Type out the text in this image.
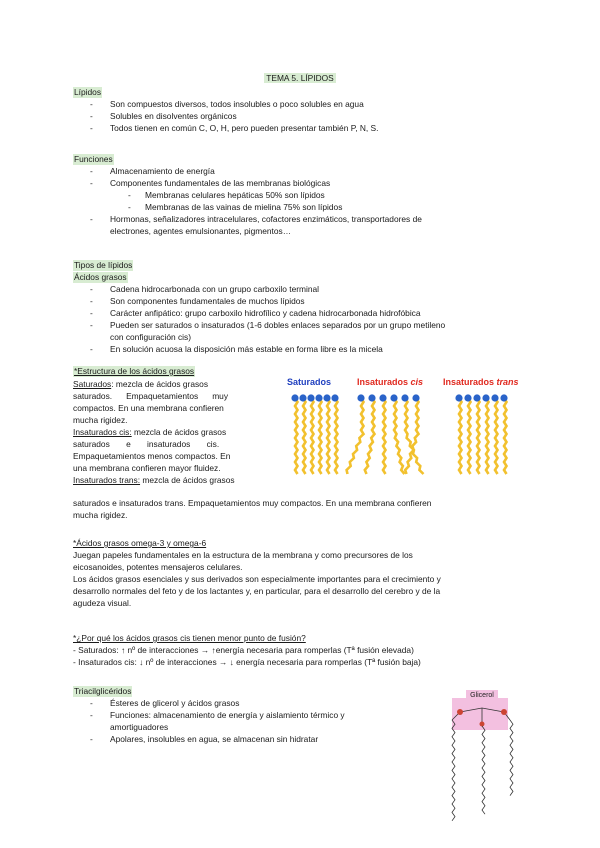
TEMA 5. LÍPIDOS
Lípidos
- Son compuestos diversos, todos insolubles o poco solubles en agua
- Solubles en disolventes orgánicos
- Todos tienen en común C, O, H, pero pueden presentar también P, N, S.
Funciones
- Almacenamiento de energía
- Componentes fundamentales de las membranas biológicas
- Membranas celulares hepáticas 50% son lípidos
- Membranas de las vainas de mielina 75% son lípidos
- Hormonas, señalizadores intracelulares, cofactores enzimáticos, transportadores de
electrones, agentes emulsionantes, pigmentos…
Tipos de lípidos
Ácidos grasos
- Cadena hidrocarbonada con un grupo carboxilo terminal
- Son componentes fundamentales de muchos lípidos
- Carácter anfipático: grupo carboxilo hidrofílico y cadena hidrocarbonada hidrofóbica
- Pueden ser saturados o insaturados (1-6 dobles enlaces separados por un grupo metileno
con configuración cis)
- En solución acuosa la disposición más estable en forma libre es la micela
*Estructura de los ácidos grasos
Saturados: mezcla de ácidos grasos
saturados.      Empaquetamientos      muy
compactos. En una membrana confieren
mucha rigidez.
Insaturados cis: mezcla de ácidos grasos
saturados       e       insaturados       cis.
Empaquetamientos menos compactos. En
una membrana confieren mayor fluidez.
Insaturados trans: mezcla de ácidos grasos
saturados e insaturados trans. Empaquetamientos muy compactos. En una membrana confieren
mucha rigidez.
Saturados	Insaturados cis Insaturados trans
*Ácidos grasos omega-3 y omega-6
Juegan papeles fundamentales en la estructura de la membrana y como precursores de los
eicosanoides, potentes mensajeros celulares.
Los ácidos grasos esenciales y sus derivados son especialmente importantes para el crecimiento y
desarrollo normales del feto y de los lactantes y, en particular, para el desarrollo del cerebro y de la
agudeza visual.
*¿Por qué los ácidos grasos cis tienen menor punto de fusión?
- Saturados: ↑ nº de interacciones → ↑energía necesaria para romperlas (Tª fusión elevada)
- Insaturados cis: ↓ nº de interacciones → ↓ energía necesaria para romperlas (Tª fusión baja)
Triacilglicéridos
- Ésteres de glicerol y ácidos grasos
- Funciones: almacenamiento de energía y aislamiento térmico y
amortiguadores
- Apolares, insolubles en agua, se almacenan sin hidratar
Glicerol
